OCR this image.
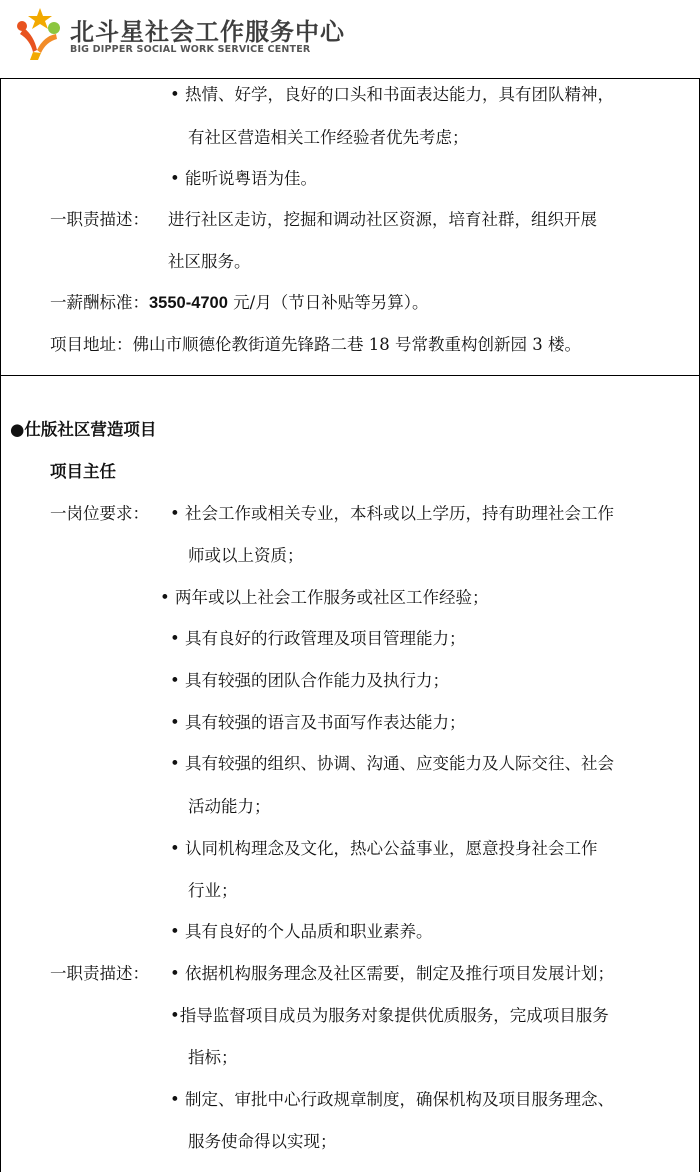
北斗星社会工作服务中心
BIG DIPPER SOCIAL WORK SERVICE CENTER
• 热情、好学，良好的口头和书面表达能力，具有团队精神，
有社区营造相关工作经验者优先考虑；
• 能听说粤语为佳。
一职责描述： 进行社区走访，挖掘和调动社区资源，培育社群，组织开展
社区服务。
一薪酬标准：3550-4700 元/月（节日补贴等另算）。
项目地址：佛山市顺德伦教街道先锋路二巷 18 号常教重构创新园 3 楼。
●仕版社区营造项目
项目主任
一岗位要求： • 社会工作或相关专业，本科或以上学历，持有助理社会工作
师或以上资质；
• 两年或以上社会工作服务或社区工作经验；
• 具有良好的行政管理及项目管理能力；
• 具有较强的团队合作能力及执行力；
• 具有较强的语言及书面写作表达能力；
• 具有较强的组织、协调、沟通、应变能力及人际交往、社会
活动能力；
• 认同机构理念及文化，热心公益事业，愿意投身社会工作
行业；
• 具有良好的个人品质和职业素养。
一职责描述： • 依据机构服务理念及社区需要，制定及推行项目发展计划；
•指导监督项目成员为服务对象提供优质服务，完成项目服务
指标；
• 制定、审批中心行政规章制度，确保机构及项目服务理念、
服务使命得以实现；
